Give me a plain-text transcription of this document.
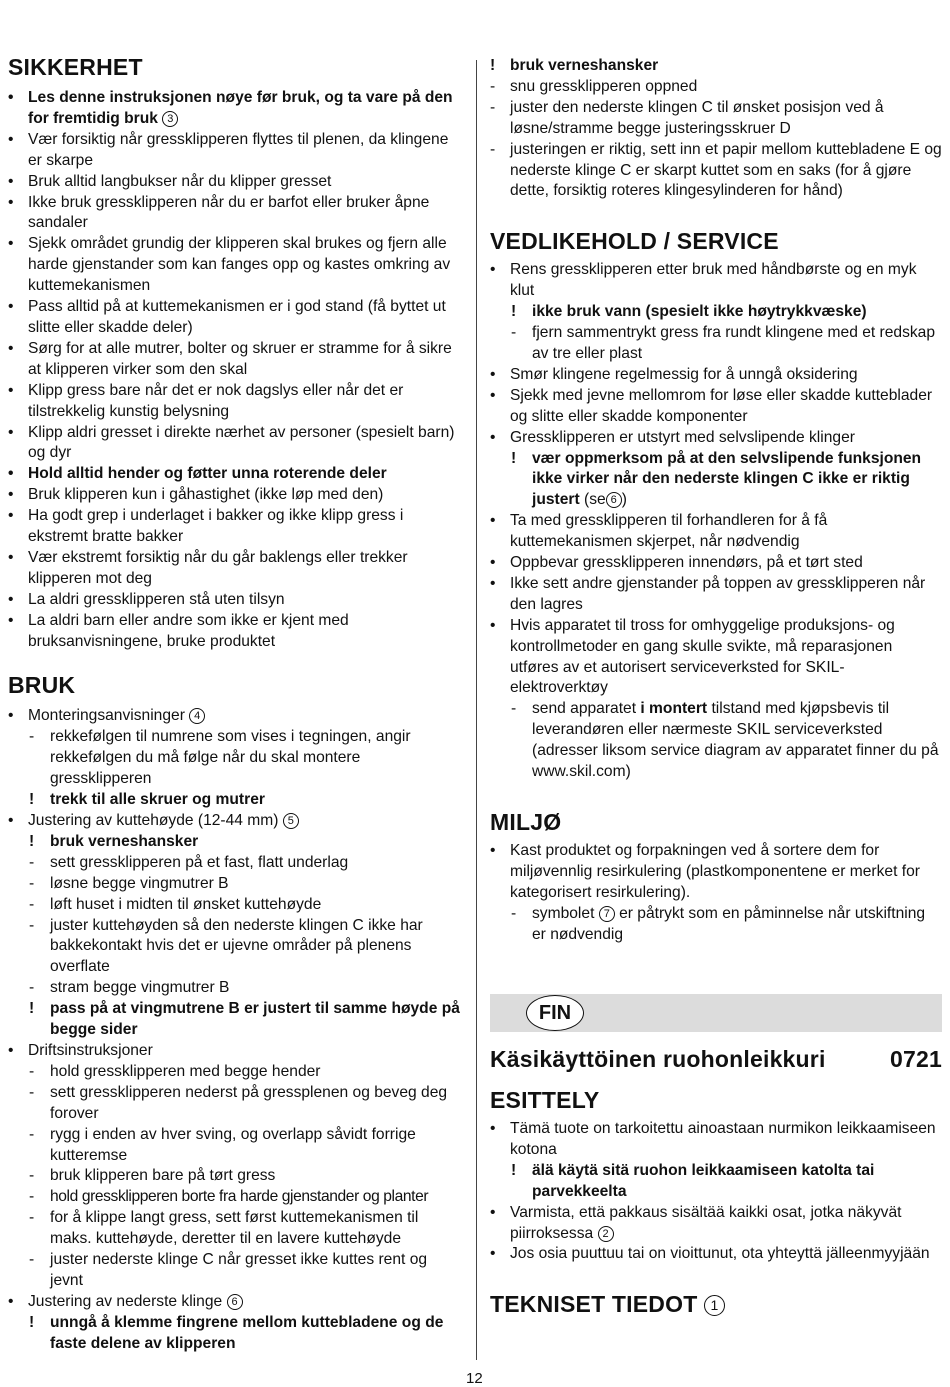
SIKKERHET
• Les denne instruksjonen nøye før bruk, og ta vare på den for fremtidig bruk 3
• Vær forsiktig når gressklipperen flyttes til plenen, da klingene er skarpe
• Bruk alltid langbukser når du klipper gresset
• Ikke bruk gressklipperen når du er barfot eller bruker åpne sandaler
• Sjekk området grundig der klipperen skal brukes og fjern alle harde gjenstander som kan fanges opp og kastes omkring av kuttemekanismen
• Pass alltid på at kuttemekanismen er i god stand (få byttet ut slitte eller skadde deler)
• Sørg for at alle mutrer, bolter og skruer er stramme for å sikre at klipperen virker som den skal
• Klipp gress bare når det er nok dagslys eller når det er tilstrekkelig kunstig belysning
• Klipp aldri gresset i direkte nærhet av personer (spesielt barn) og dyr
• Hold alltid hender og føtter unna roterende deler
• Bruk klipperen kun i gåhastighet (ikke løp med den)
• Ha godt grep i underlaget i bakker og ikke klipp gress i ekstremt bratte bakker
• Vær ekstremt forsiktig når du går baklengs eller trekker klipperen mot deg
• La aldri gressklipperen stå uten tilsyn
• La aldri barn eller andre som ikke er kjent med bruksanvisningene, bruke produktet
BRUK
• Monteringsanvisninger 4
- rekkefølgen til numrene som vises i tegningen, angir rekkefølgen du må følge når du skal montere gressklipperen
! trekk til alle skruer og mutrer
• Justering av kuttehøyde (12-44 mm) 5
! bruk verneshansker
- sett gressklipperen på et fast, flatt underlag
- løsne begge vingmutrer B
- løft huset i midten til ønsket kuttehøyde
- juster kuttehøyden så den nederste klingen C ikke har bakkekontakt hvis det er ujevne områder på plenens overflate
- stram begge vingmutrer B
! pass på at vingmutrene B er justert til samme høyde på begge sider
• Driftsinstruksjoner
- hold gressklipperen med begge hender
- sett gressklipperen nederst på gressplenen og beveg deg forover
- rygg i enden av hver sving, og overlapp såvidt forrige kutteremse
- bruk klipperen bare på tørt gress
- hold gressklipperen borte fra harde gjenstander og planter
- for å klippe langt gress, sett først kuttemekanismen til maks. kuttehøyde, deretter til en lavere kuttehøyde
- juster nederste klinge C når gresset ikke kuttes rent og jevnt
• Justering av nederste klinge 6
! unngå å klemme fingrene mellom kuttebladene og de faste delene av klipperen
! bruk verneshansker
- snu gressklipperen oppned
- juster den nederste klingen C til ønsket posisjon ved å løsne/stramme begge justeringsskruer D
- justeringen er riktig, sett inn et papir mellom kuttebladene E og nederste klinge C er skarpt kuttet som en saks (for å gjøre dette, forsiktig roteres klingesylinderen for hånd)
VEDLIKEHOLD / SERVICE
• Rens gressklipperen etter bruk med håndbørste og en myk klut
! ikke bruk vann (spesielt ikke høytrykkvæske)
- fjern sammentrykt gress fra rundt klingene med et redskap av tre eller plast
• Smør klingene regelmessig for å unngå oksidering
• Sjekk med jevne mellomrom for løse eller skadde kutteblader og slitte eller skadde komponenter
• Gressklipperen er utstyrt med selvslipende klinger
! vær oppmerksom på at den selvslipende funksjonen ikke virker når den nederste klingen C ikke er riktig justert (se 6 )
• Ta med gressklipperen til forhandleren for å få kuttemekanismen skjerpet, når nødvendig
• Oppbevar gressklipperen innendørs, på et tørt sted
• Ikke sett andre gjenstander på toppen av gressklipperen når den lagres
• Hvis apparatet til tross for omhyggelige produksjons- og kontrollmetoder en gang skulle svikte, må reparasjonen utføres av et autorisert serviceverksted for SKIL-elektroverktøy
- send apparatet i montert tilstand med kjøpsbevis til leverandøren eller nærmeste SKIL serviceverksted (adresser liksom service diagram av apparatet finner du på www.skil.com)
MILJØ
• Kast produktet og forpakningen ved å sortere dem for miljøvennlig resirkulering (plastkomponentene er merket for kategorisert resirkulering).
- symbolet 7 er påtrykt som en påminnelse når utskiftning er nødvendig
FIN
Käsikäyttöinen ruohonleikkuri	0721
ESITTELY
• Tämä tuote on tarkoitettu ainoastaan nurmikon leikkaamiseen kotona
! älä käytä sitä ruohon leikkaamiseen katolta tai parvekkeelta
• Varmista, että pakkaus sisältää kaikki osat, jotka näkyvät piirroksessa 2
• Jos osia puuttuu tai on vioittunut, ota yhteyttä jälleenmyyjään
TEKNISET TIEDOT 1
12
